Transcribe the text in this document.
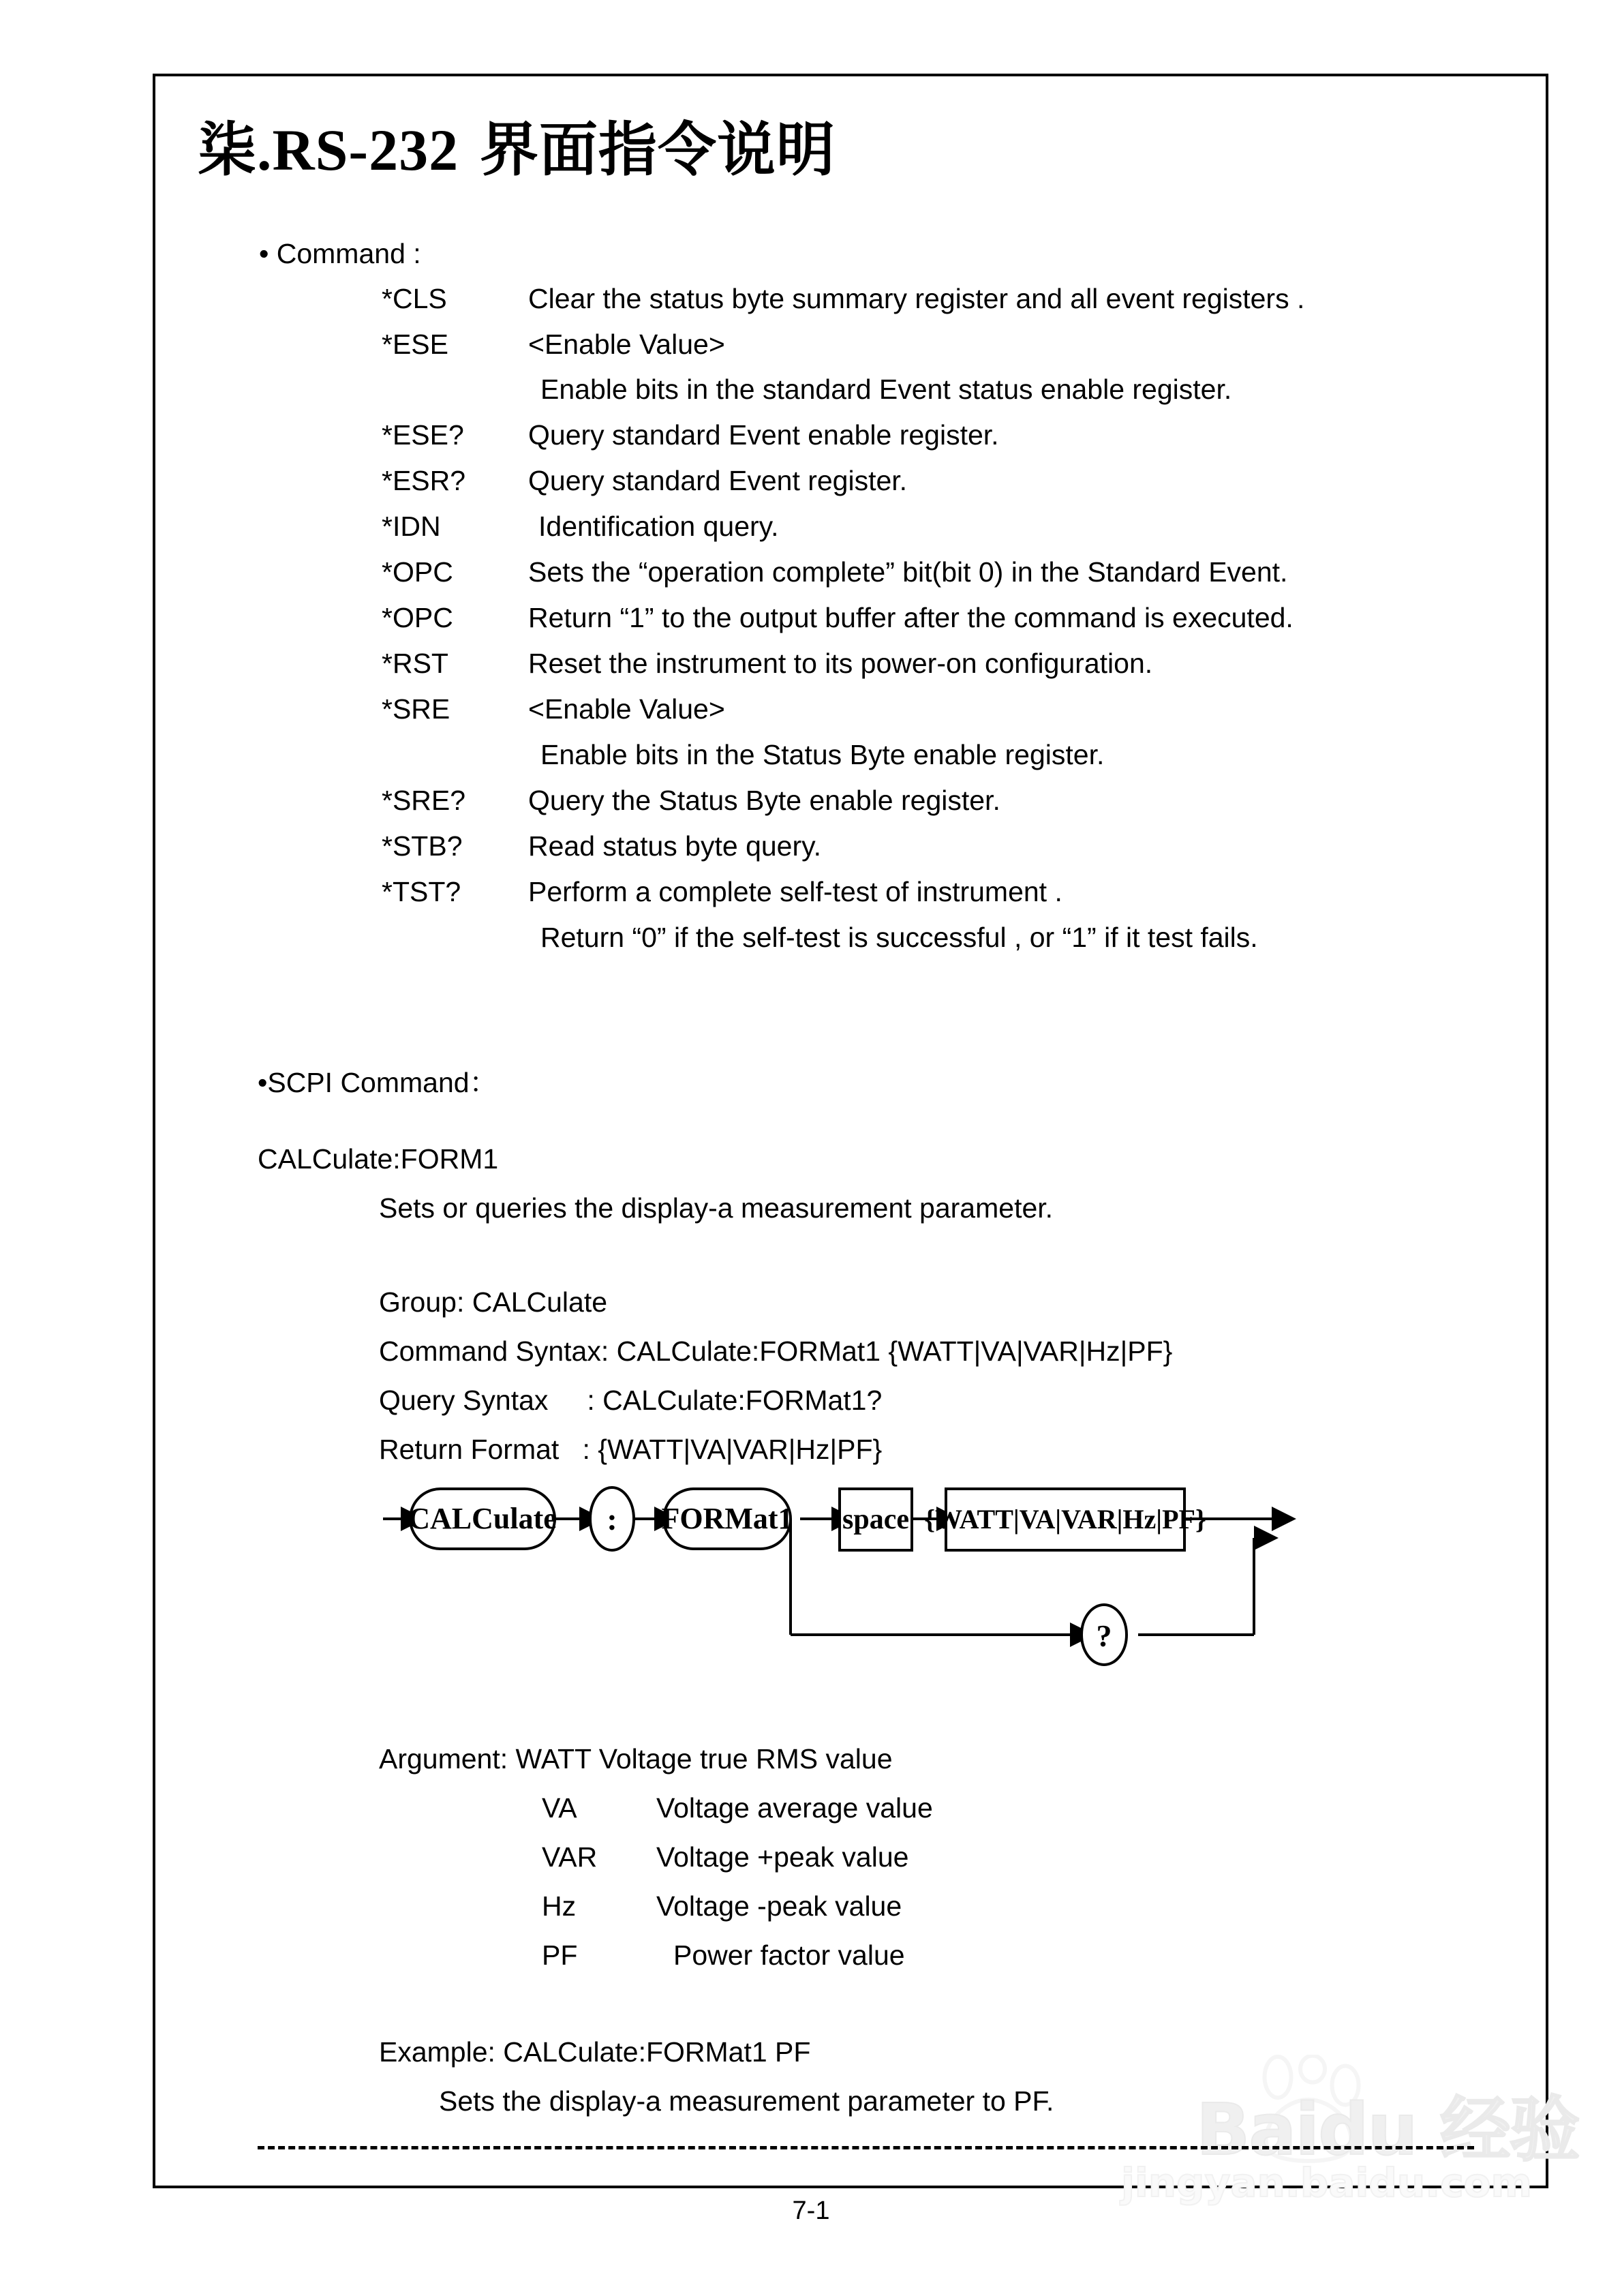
Baidu 经验
jingyan.baidu.com
柒.RS-232 界面指令说明
• Command :
*CLS	Clear the status byte summary register and all event registers .
*ESE	<Enable Value>
Enable bits in the standard Event status enable register.
*ESE? Query standard Event enable register.
*ESR? Query standard Event register.
*IDN	Identification query.
*OPC	Sets the “operation complete” bit(bit 0) in the Standard Event.
*OPC	Return “1” to the output buffer after the command is executed.
*RST	Reset the instrument to its power-on configuration.
*SRE	<Enable Value>
Enable bits in the Status Byte enable register.
*SRE? Query the Status Byte enable register.
*STB? Read status byte query.
*TST? Perform a complete self-test of instrument .
Return “0” if the self-test is successful , or “1” if it test fails.
•SCPI Command：
CALCulate:FORM1
Sets or queries the display-a measurement parameter.
Group: CALCulate
Command Syntax: CALCulate:FORMat1 {WATT|VA|VAR|Hz|PF}
Query Syntax     : CALCulate:FORMat1?
Return Format   : {WATT|VA|VAR|Hz|PF}
CALCulate : FORMat1 space {WATT|VA|VAR|Hz|PF}
?
Argument: WATT Voltage true RMS value
VA	Voltage average value
VAR Voltage +peak value
Hz	Voltage -peak value
PF	Power factor value
Example: CALCulate:FORMat1 PF
Sets the display-a measurement parameter to PF.
7-1
